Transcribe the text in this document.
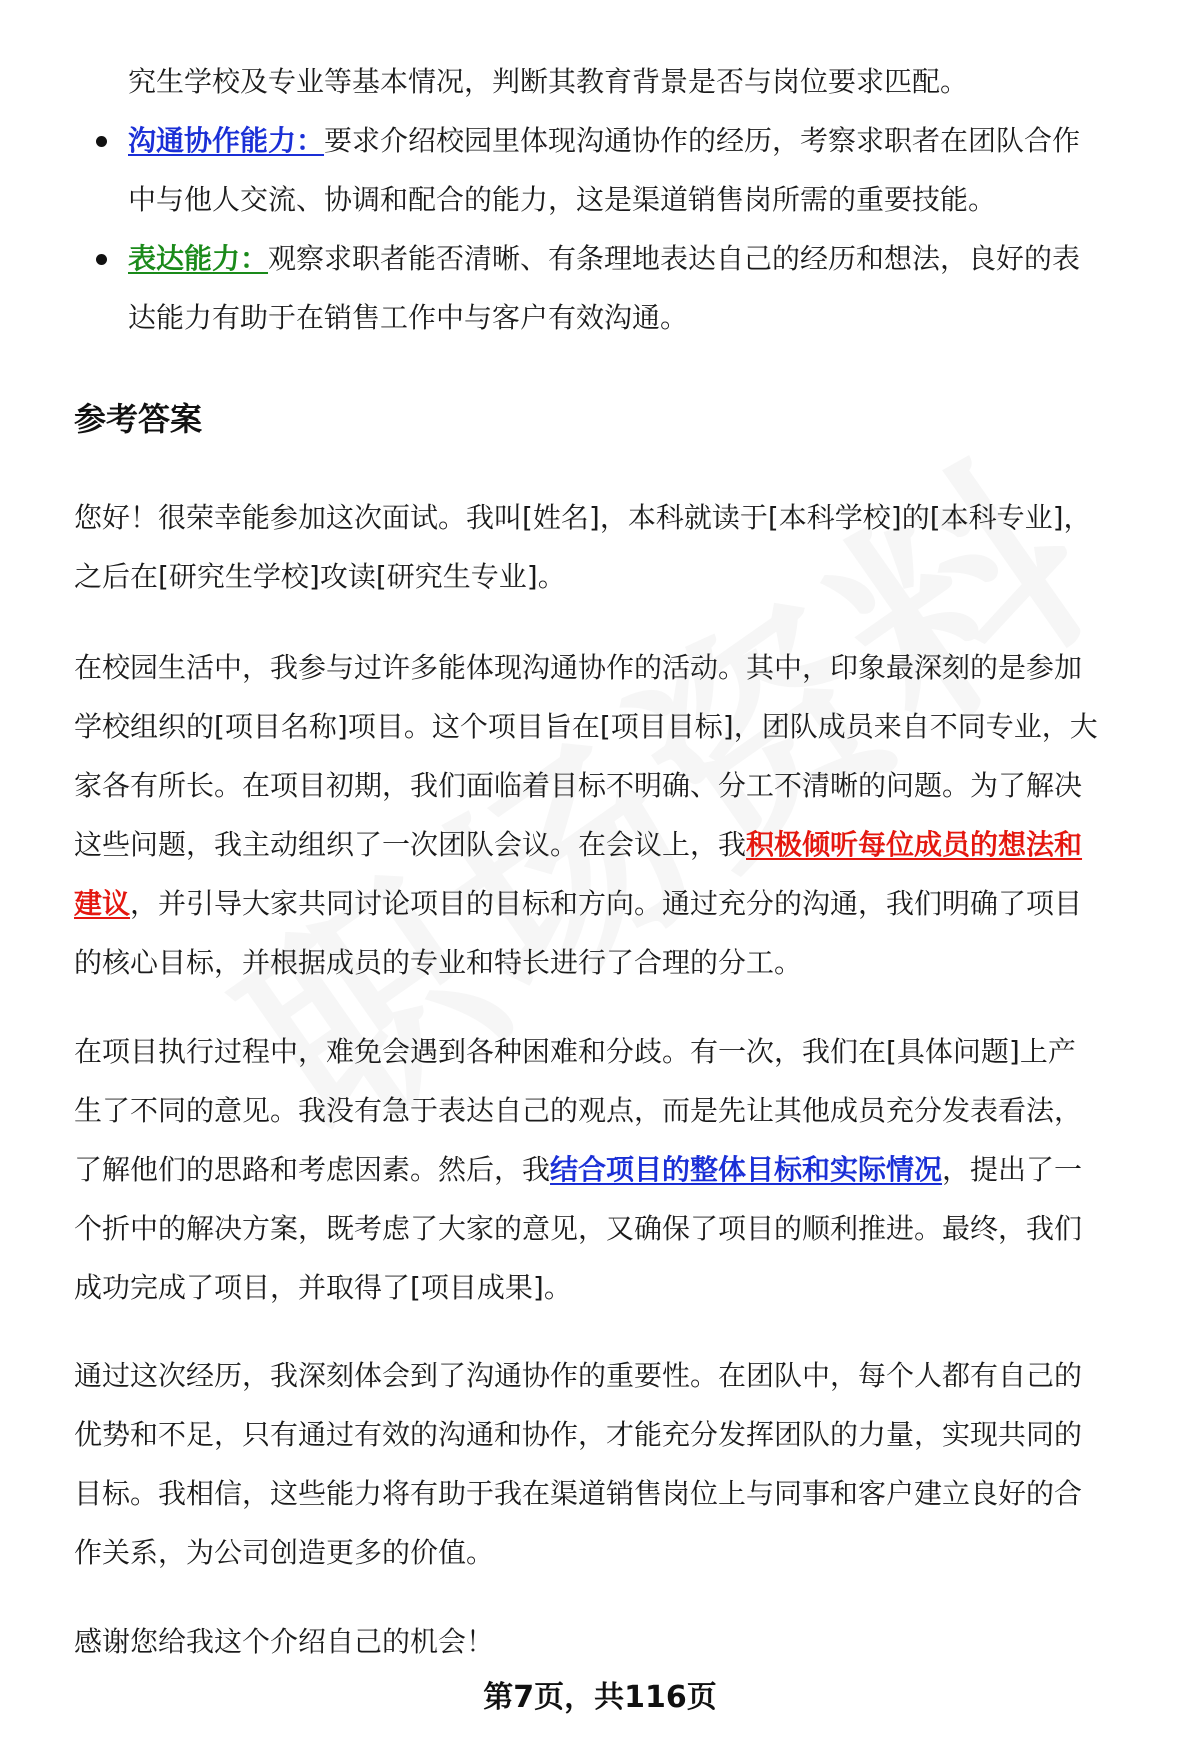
究生学校及专业等基本情况，判断其教育背景是否与岗位要求匹配。
沟通协作能力：要求介绍校园里体现沟通协作的经历，考察求职者在团队合作
中与他人交流、协调和配合的能力，这是渠道销售岗所需的重要技能。
表达能力：观察求职者能否清晰、有条理地表达自己的经历和想法，良好的表
达能力有助于在销售工作中与客户有效沟通。
参考答案
您好！很荣幸能参加这次面试。我叫[姓名]，本科就读于[本科学校]的[本科专业]，
之后在[研究生学校]攻读[研究生专业]。
在校园生活中，我参与过许多能体现沟通协作的活动。其中，印象最深刻的是参加
学校组织的[项目名称]项目。这个项目旨在[项目目标]，团队成员来自不同专业，大
家各有所长。在项目初期，我们面临着目标不明确、分工不清晰的问题。为了解决
这些问题，我主动组织了一次团队会议。在会议上，我积极倾听每位成员的想法和
建议，并引导大家共同讨论项目的目标和方向。通过充分的沟通，我们明确了项目
的核心目标，并根据成员的专业和特长进行了合理的分工。
在项目执行过程中，难免会遇到各种困难和分歧。有一次，我们在[具体问题]上产
生了不同的意见。我没有急于表达自己的观点，而是先让其他成员充分发表看法，
了解他们的思路和考虑因素。然后，我结合项目的整体目标和实际情况，提出了一
个折中的解决方案，既考虑了大家的意见，又确保了项目的顺利推进。最终，我们
成功完成了项目，并取得了[项目成果]。
通过这次经历，我深刻体会到了沟通协作的重要性。在团队中，每个人都有自己的
优势和不足，只有通过有效的沟通和协作，才能充分发挥团队的力量，实现共同的
目标。我相信，这些能力将有助于我在渠道销售岗位上与同事和客户建立良好的合
作关系，为公司创造更多的价值。
感谢您给我这个介绍自己的机会！
第7页，共116页
